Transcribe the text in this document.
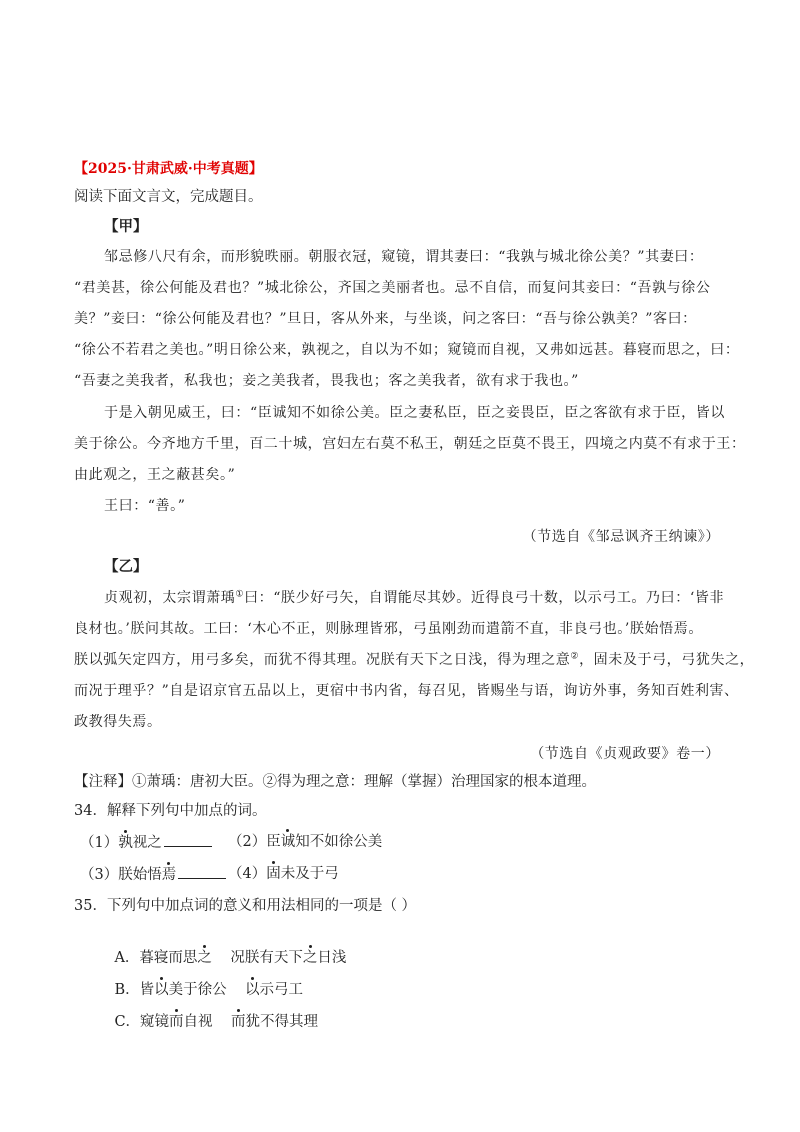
【2025·甘肃武威·中考真题】
阅读下面文言文，完成题目。
【甲】
邹忌修八尺有余，而形貌昳丽。朝服衣冠，窥镜，谓其妻曰：“我孰与城北徐公美？”其妻曰：
“君美甚，徐公何能及君也？”城北徐公，齐国之美丽者也。忌不自信，而复问其妾曰：“吾孰与徐公
美？”妾曰：“徐公何能及君也？”旦日，客从外来，与坐谈，问之客曰：“吾与徐公孰美？”客曰：
“徐公不若君之美也。”明日徐公来，孰视之，自以为不如；窥镜而自视，又弗如远甚。暮寝而思之，曰：
“吾妻之美我者，私我也；妾之美我者，畏我也；客之美我者，欲有求于我也。”
于是入朝见威王，曰：“臣诚知不如徐公美。臣之妻私臣，臣之妾畏臣，臣之客欲有求于臣，皆以
美于徐公。今齐地方千里，百二十城，宫妇左右莫不私王，朝廷之臣莫不畏王，四境之内莫不有求于王：
由此观之，王之蔽甚矣。”
王曰：“善。”
（节选自《邹忌讽齐王纳谏》）
【乙】
贞观初，太宗谓萧瑀①曰：“朕少好弓矢，自谓能尽其妙。近得良弓十数，以示弓工。乃曰：‘皆非
良材也。’朕问其故。工曰：‘木心不正，则脉理皆邪，弓虽刚劲而遣箭不直，非良弓也。’朕始悟焉。
朕以弧矢定四方，用弓多矣，而犹不得其理。况朕有天下之日浅，得为理之意②，固未及于弓，弓犹失之，
而况于理乎？”自是诏京官五品以上，更宿中书内省，每召见，皆赐坐与语，询访外事，务知百姓利害、
政教得失焉。
（节选自《贞观政要》卷一）
【注释】①萧瑀：唐初大臣。②得为理之意：理解（掌握）治理国家的根本道理。
34．解释下列句中加点的词。
（1）孰视之	（2）臣诚知不如徐公美
（3）朕始悟焉	（4）固未及于弓
35．下列句中加点词的意义和用法相同的一项是（ ）

A．暮寝而思之    况朕有天下之日浅

B．皆以美于徐公    以示弓工

C．窥镜而自视    而犹不得其理
